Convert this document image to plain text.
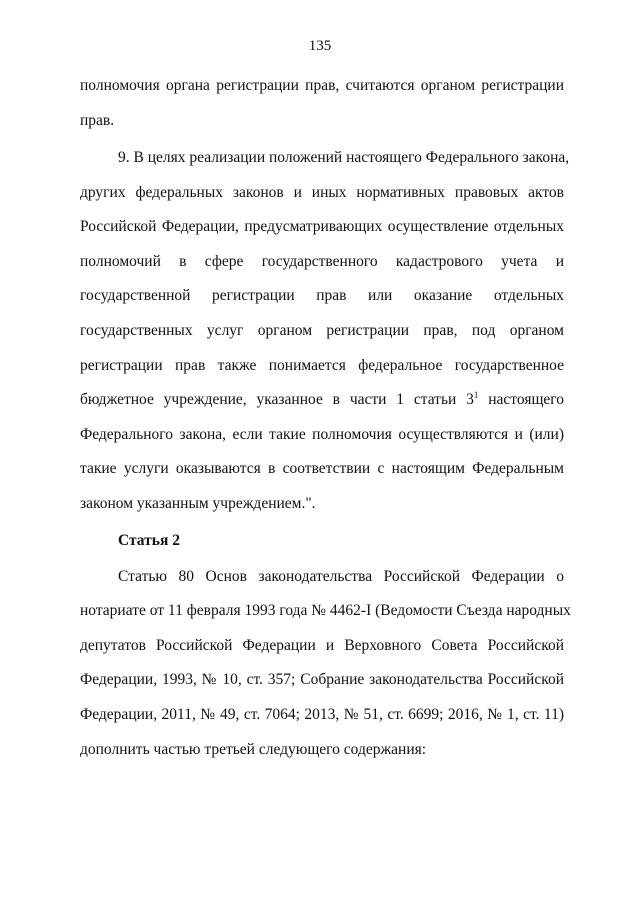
135
полномочия органа регистрации прав, считаются органом регистрации
прав.
9. В целях реализации положений настоящего Федерального закона,
других федеральных законов и иных нормативных правовых актов
Российской Федерации, предусматривающих осуществление отдельных
полномочий в сфере государственного кадастрового учета и
государственной регистрации прав или оказание отдельных
государственных услуг органом регистрации прав, под органом
регистрации прав также понимается федеральное государственное
бюджетное учреждение, указанное в части 1 статьи $3^1$ настоящего
Федерального закона, если такие полномочия осуществляются и (или)
такие услуги оказываются в соответствии с настоящим Федеральным
законом указанным учреждением.".
Статья 2
Статью 80 Основ законодательства Российской Федерации о
нотариате от 11 февраля 1993 года № 4462-I (Ведомости Съезда народных
депутатов Российской Федерации и Верховного Совета Российской
Федерации, 1993, № 10, ст. 357; Собрание законодательства Российской
Федерации, 2011, № 49, ст. 7064; 2013, № 51, ст. 6699; 2016, № 1, ст. 11)
дополнить частью третьей следующего содержания:
